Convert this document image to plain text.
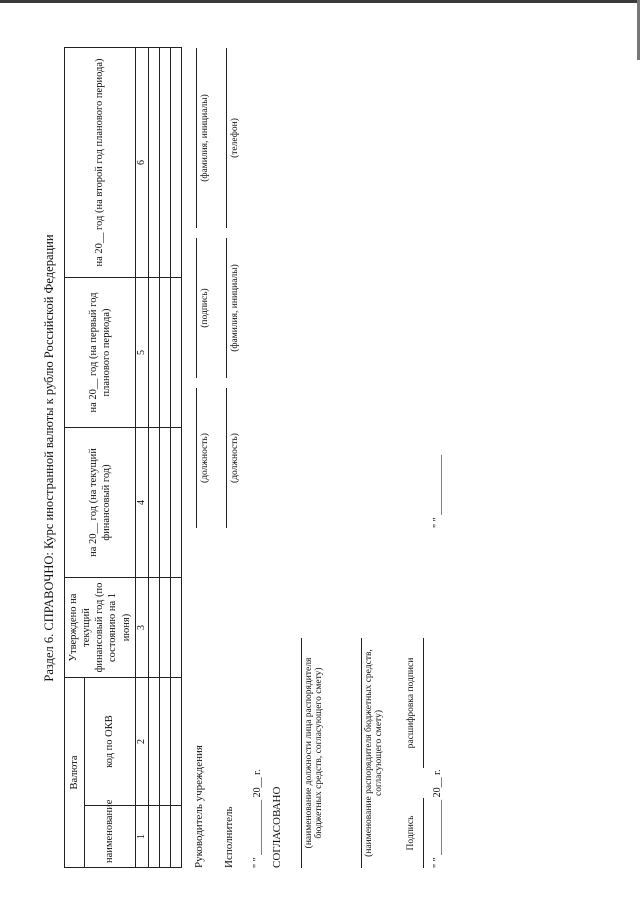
Раздел 6. СПРАВОЧНО: Курс иностранной валюты к рублю Российской Федерации
Валюта		Утверждено на текущий финансовый год (по состоянию на 1 июня)	на 20__ год (на текущий финансовый год)	на 20__ год (на первый год планового периода)	на 20__ год (на второй год планового периода)
наименование	код по ОКВ				
1	2	3	4	5	6

Руководитель учреждения
(должность)
(подпись)
(фамилия, инициалы)
Исполнитель
(должность)
(фамилия, инициалы)
(телефон)
" " ___________ 20__ г. СОГЛАСОВАНО (наименование должности лица распорядителя бюджетных средств, согласующего смету)	(наименование распорядителя бюджетных средств, согласующего смету)
Подпись
расшифровка подписи
" " ___________ 20__ г.
" " ____________
